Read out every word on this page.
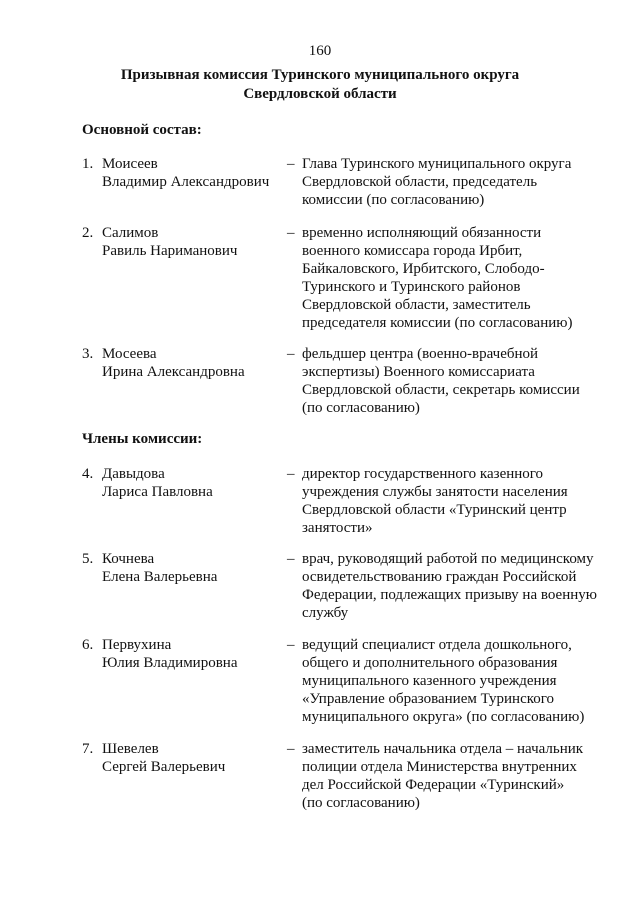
160
Призывная комиссия Туринского муниципального округа
Свердловской области
Основной состав:
1. Моисеев
Владимир Александрович
– Глава Туринского муниципального округа
Свердловской области, председатель
комиссии (по согласованию)
2. Салимов
Равиль Нариманович
– временно исполняющий обязанности
военного комиссара города Ирбит,
Байкаловского, Ирбитского, Слободо-
Туринского и Туринского районов
Свердловской области, заместитель
председателя комиссии (по согласованию)
3. Мосеева
Ирина Александровна
– фельдшер центра (военно-врачебной
экспертизы) Военного комиссариата
Свердловской области, секретарь комиссии
(по согласованию)
Члены комиссии:
4. Давыдова
Лариса Павловна
– директор государственного казенного
учреждения службы занятости населения
Свердловской области «Туринский центр
занятости»
5. Кочнева
Елена Валерьевна
– врач, руководящий работой по медицинскому
освидетельствованию граждан Российской
Федерации, подлежащих призыву на военную
службу
6. Первухина
Юлия Владимировна
– ведущий специалист отдела дошкольного,
общего и дополнительного образования
муниципального казенного учреждения
«Управление образованием Туринского
муниципального округа» (по согласованию)
7. Шевелев
Сергей Валерьевич
– заместитель начальника отдела – начальник
полиции отдела Министерства внутренних
дел Российской Федерации «Туринский»
(по согласованию)
